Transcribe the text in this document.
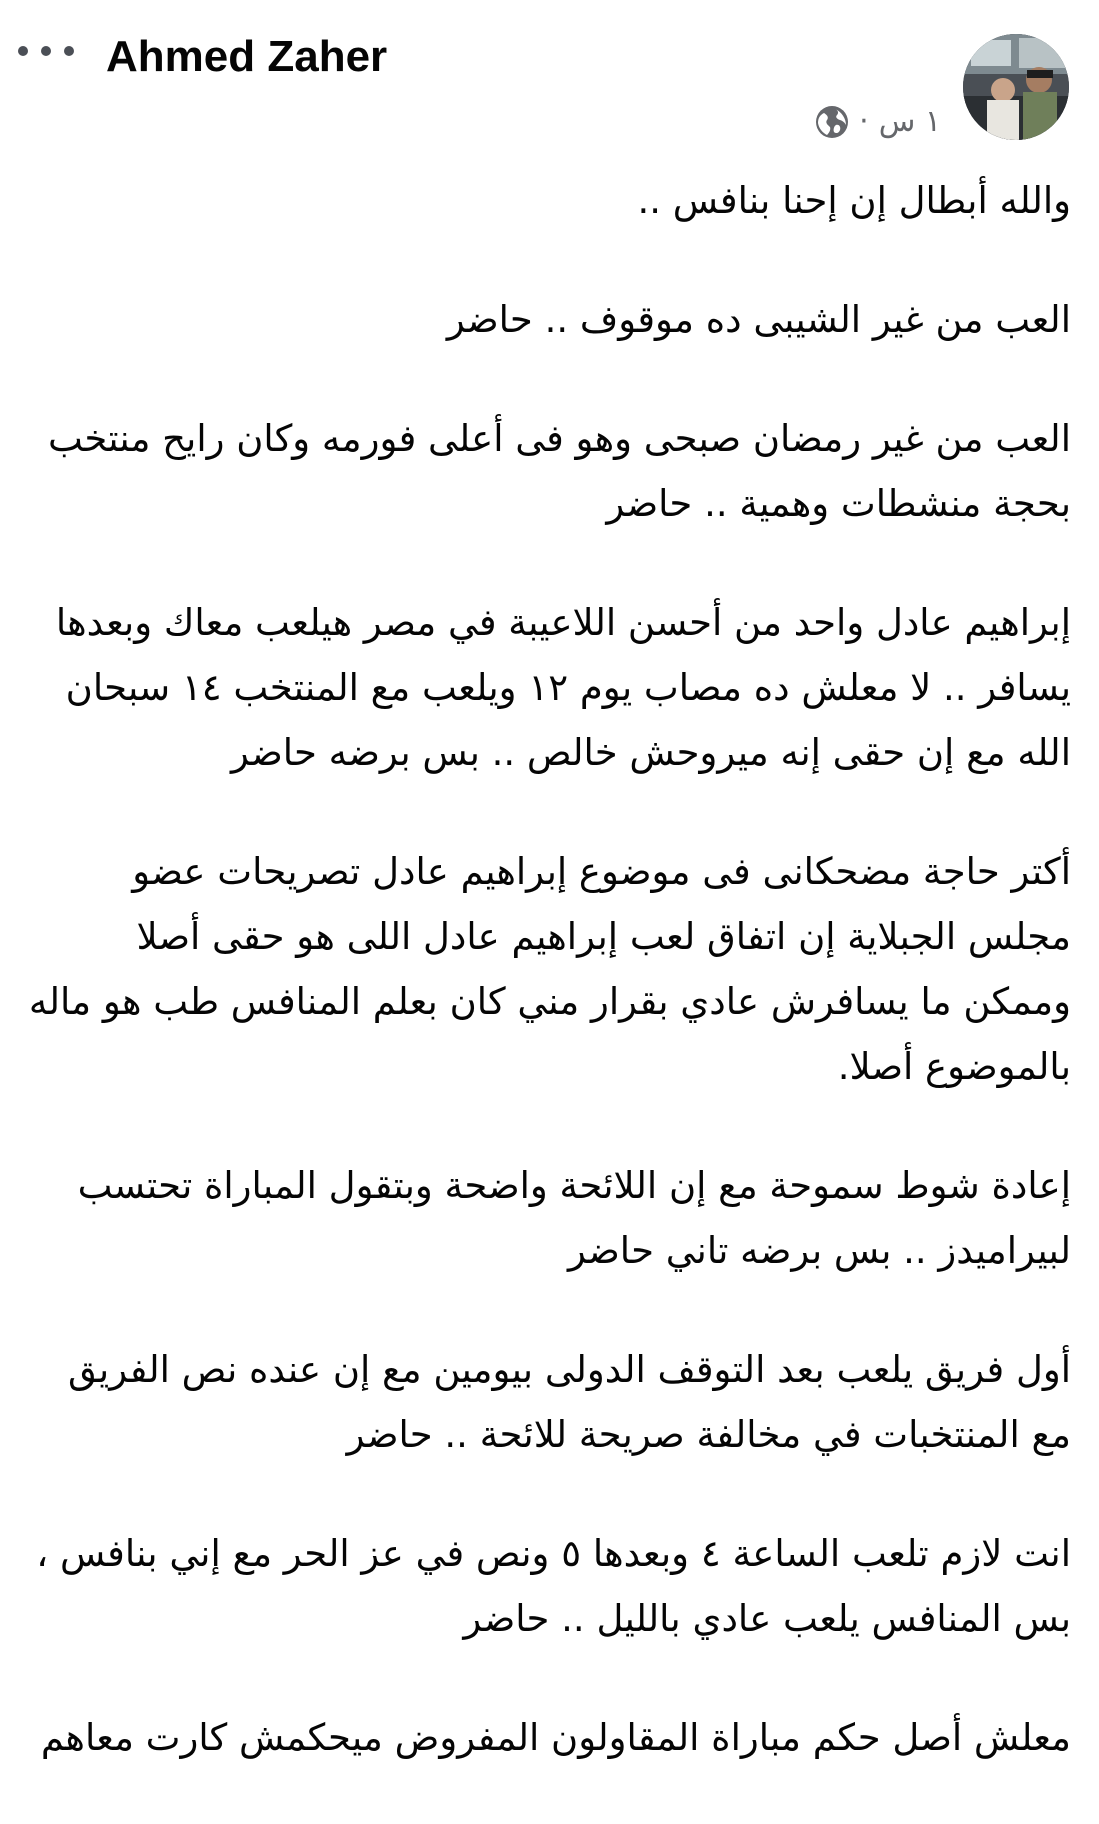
Ahmed Zaher
١ س
·

والله أبطال إن إحنا بنافس ..

العب من غير الشيبى ده موقوف .. حاضر

العب من غير رمضان صبحى وهو فى أعلى فورمه وكان رايح منتخب بحجة منشطات وهمية .. حاضر

إبراهيم عادل واحد من أحسن اللاعيبة في مصر هيلعب معاك وبعدها يسافر .. لا معلش ده مصاب يوم ١٢ ويلعب مع المنتخب ١٤ سبحان الله مع إن حقى إنه ميروحش خالص .. بس برضه حاضر

أكتر حاجة مضحكانى فى موضوع إبراهيم عادل تصريحات عضو مجلس الجبلاية إن اتفاق لعب إبراهيم عادل اللى هو حقى أصلا وممكن ما يسافرش عادي بقرار مني كان بعلم المنافس طب هو ماله بالموضوع أصلا.

إعادة شوط سموحة مع إن اللائحة واضحة وبتقول المباراة تحتسب لبيراميدز .. بس برضه تاني حاضر

أول فريق يلعب بعد التوقف الدولى بيومين مع إن عنده نص الفريق مع المنتخبات في مخالفة صريحة للائحة .. حاضر

انت لازم تلعب الساعة ٤ وبعدها ٥ ونص في عز الحر مع إني بنافس ، بس المنافس يلعب عادي بالليل .. حاضر

معلش أصل حكم مباراة المقاولون المفروض ميحكمش كارت معاهم
